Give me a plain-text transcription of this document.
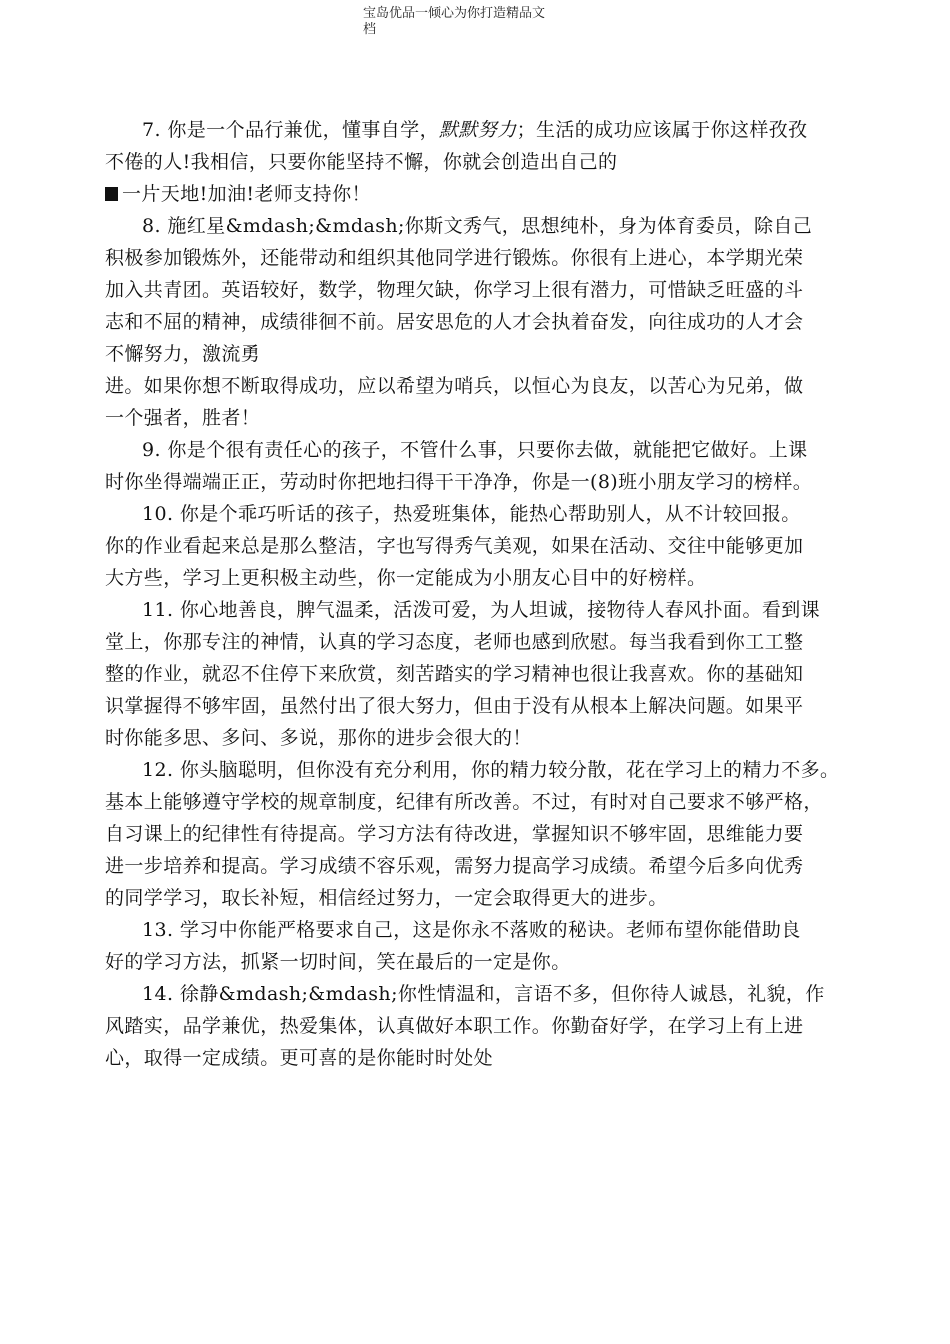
宝岛优品一倾心为你打造精品文
档
7. 你是一个品行兼优，懂事自学，默默努力；生活的成功应该属于你这样孜孜
不倦的人!我相信，只要你能坚持不懈，你就会创造出自己的
一片天地!加油!老师支持你！
8. 施红星&mdash;&mdash;你斯文秀气，思想纯朴，身为体育委员，除自己
积极参加锻炼外，还能带动和组织其他同学进行锻炼。你很有上进心，本学期光荣
加入共青团。英语较好，数学，物理欠缺，你学习上很有潜力，可惜缺乏旺盛的斗
志和不屈的精神，成绩徘徊不前。居安思危的人才会执着奋发，向往成功的人才会
不懈努力，激流勇
进。如果你想不断取得成功，应以希望为哨兵，以恒心为良友，以苦心为兄弟，做
一个强者，胜者！
9. 你是个很有责任心的孩子，不管什么事，只要你去做，就能把它做好。上课
时你坐得端端正正，劳动时你把地扫得干干净净，你是一(8)班小朋友学习的榜样。
10. 你是个乖巧听话的孩子，热爱班集体，能热心帮助别人，从不计较回报。
你的作业看起来总是那么整洁，字也写得秀气美观，如果在活动、交往中能够更加
大方些，学习上更积极主动些，你一定能成为小朋友心目中的好榜样。
11. 你心地善良，脾气温柔，活泼可爱，为人坦诚，接物待人春风扑面。看到课
堂上，你那专注的神情，认真的学习态度，老师也感到欣慰。每当我看到你工工整
整的作业，就忍不住停下来欣赏，刻苦踏实的学习精神也很让我喜欢。你的基础知
识掌握得不够牢固，虽然付出了很大努力，但由于没有从根本上解决问题。如果平
时你能多思、多问、多说，那你的进步会很大的！
12. 你头脑聪明，但你没有充分利用，你的精力较分散，花在学习上的精力不多。
基本上能够遵守学校的规章制度，纪律有所改善。不过，有时对自己要求不够严格，
自习课上的纪律性有待提高。学习方法有待改进，掌握知识不够牢固，思维能力要
进一步培养和提高。学习成绩不容乐观，需努力提高学习成绩。希望今后多向优秀
的同学学习，取长补短，相信经过努力，一定会取得更大的进步。
13. 学习中你能严格要求自己，这是你永不落败的秘诀。老师布望你能借助良
好的学习方法，抓紧一切时间，笑在最后的一定是你。
14. 徐静&mdash;&mdash;你性情温和，言语不多，但你待人诚恳，礼貌，作
风踏实，品学兼优，热爱集体，认真做好本职工作。你勤奋好学，在学习上有上进
心，取得一定成绩。更可喜的是你能时时处处
